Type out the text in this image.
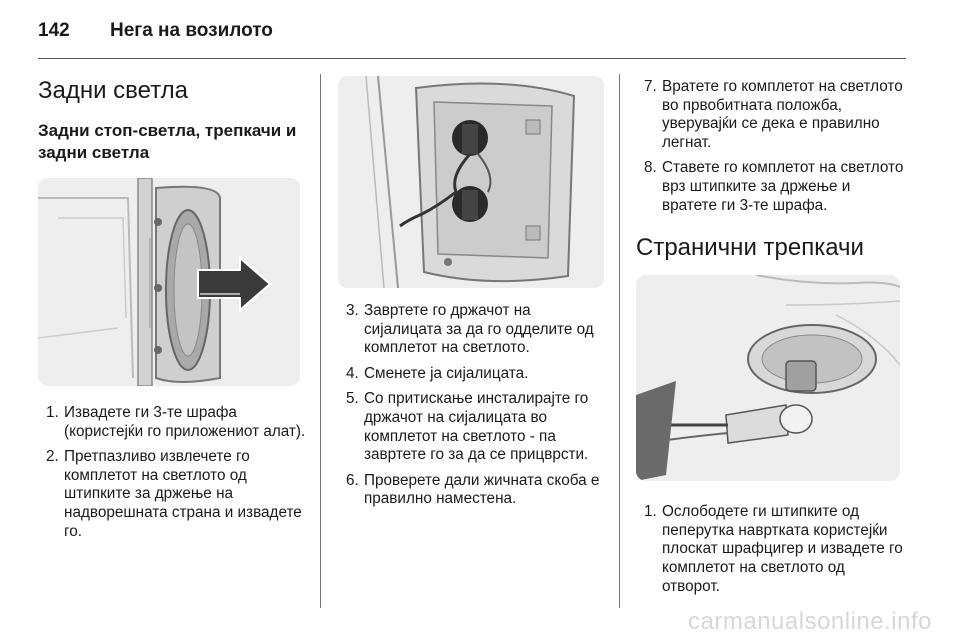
142 Нега на возилото
Задни светла
Задни стоп-светла, трепкачи и задни светла
1. Извадете ги 3-те шрафа (користејќи го приложениот алат).
2. Претпазливо извлечете го комплетот на светлото од штипките за држење на надворешната страна и извадете го.
3. Завртете го држачот на сијалицата за да го одделите од комплетот на светлото.
4. Сменете ја сијалицата.
5. Со притискање инсталирајте го држачот на сијалицата во комплетот на светлото - па завртете го за да се прицврсти.
6. Проверете дали жичната скоба е правилно наместена.
7. Вратете го комплетот на светлото во првобитната положба, уверувајќи се дека е правилно легнат.
8. Ставете го комплетот на светлото врз штипките за држење и вратете ги 3-те шрафа.
Странични трепкачи
1. Ослободете ги штипките од пеперутка навртката користејќи плоскат шрафцигер и извадете го комплетот на светлото од отворот.
carmanualsonline.info
